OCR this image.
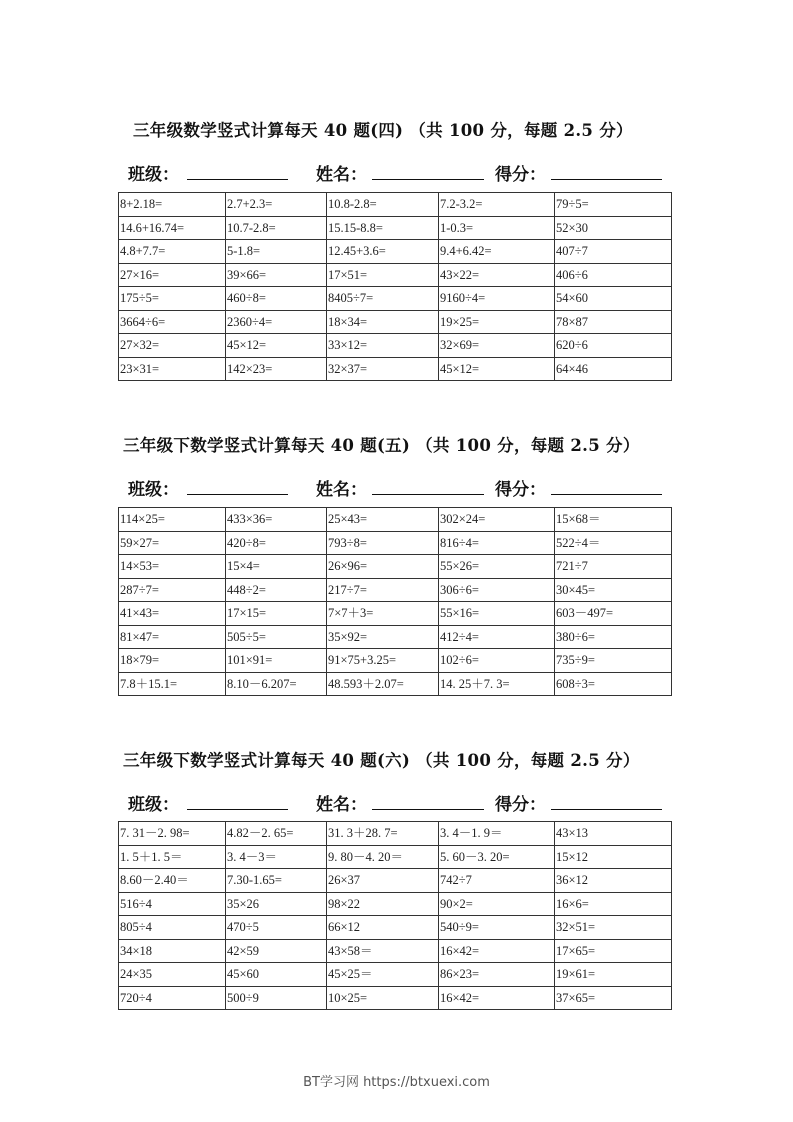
三年级数学竖式计算每天 40 题(四) （共 100 分，每题 2.5 分）
班级：	姓名：	得分：
8+2.18=	2.7+2.3=	10.8-2.8=	7.2-3.2=	79÷5=
14.6+16.74=	10.7-2.8=	15.15-8.8=	1-0.3=	52×30
4.8+7.7=	5-1.8=	12.45+3.6=	9.4+6.42=	407÷7
27×16=	39×66=	17×51=	43×22=	406÷6
175÷5=	460÷8=	8405÷7=	9160÷4=	54×60
3664÷6=	2360÷4=	18×34=	19×25=	78×87
27×32=	45×12=	33×12=	32×69=	620÷6
23×31=	142×23=	32×37=	45×12=	64×46
三年级下数学竖式计算每天 40 题(五) （共 100 分，每题 2.5 分）
班级：	姓名：	得分：
114×25=	433×36=	25×43=	302×24=	15×68＝
59×27=	420÷8=	793÷8=	816÷4=	522÷4＝
14×53=	15×4=	26×96=	55×26=	721÷7
287÷7=	448÷2=	217÷7=	306÷6=	30×45=
41×43=	17×15=	7×7＋3=	55×16=	603－497=
81×47=	505÷5=	35×92=	412÷4=	380÷6=
18×79=	101×91=	91×75+3.25=	102÷6=	735÷9=
7.8＋15.1=	8.10－6.207=	48.593＋2.07=	14. 25＋7. 3=	608÷3=
三年级下数学竖式计算每天 40 题(六) （共 100 分，每题 2.5 分）
班级：	姓名：	得分：
7. 31－2. 98=	4.82－2. 65=	31. 3＋28. 7=	3. 4－1. 9＝	43×13
1. 5＋1. 5＝	3. 4－3＝	9. 80－4. 20＝	5. 60－3. 20=	15×12
8.60－2.40＝	7.30-1.65=	26×37	742÷7	36×12
516÷4	35×26	98×22	90×2=	16×6=
805÷4	470÷5	66×12	540÷9=	32×51=
34×18	42×59	43×58＝	16×42=	17×65=
24×35	45×60	45×25＝	86×23=	19×61=
720÷4	500÷9	10×25=	16×42=	37×65=
BT学习网 https://btxuexi.com
